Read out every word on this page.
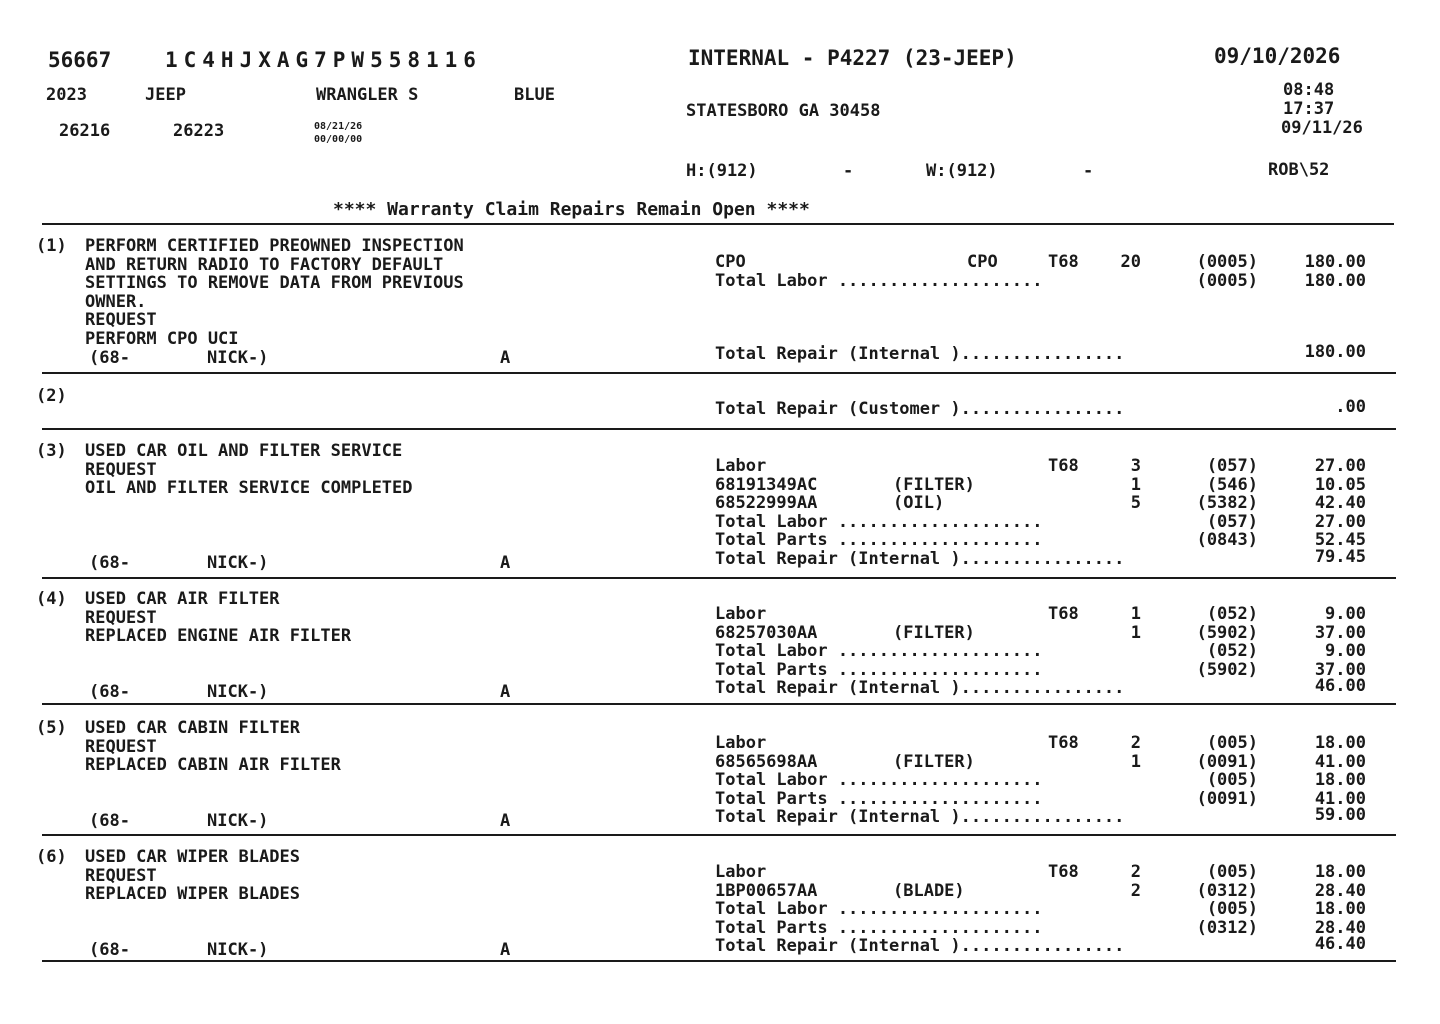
56667	1C4HJXAG7PW558116	INTERNAL - P4227 (23-JEEP)	09/10/2026
2023	JEEP	WRANGLER S	BLUE
STATESBORO GA 30458
08:48
17:37
09/11/26
26216	26223	08/21/26
00/00/00
H:(912)	-	W:(912)	-	ROB\52
**** Warranty Claim Repairs Remain Open ****
(1) PERFORM CERTIFIED PREOWNED INSPECTION
AND RETURN RADIO TO FACTORY DEFAULT
SETTINGS TO REMOVE DATA FROM PREVIOUS
OWNER.
REQUEST
PERFORM CPO UCI
(68-	NICK-)	A
CPO	CPO	T68 20	(0005)	180.00
Total Labor ....................	(0005)	180.00
Total Repair (Internal )................	180.00
(2)
Total Repair (Customer )................	.00
(3) USED CAR OIL AND FILTER SERVICE
REQUEST
OIL AND FILTER SERVICE COMPLETED
(68-	NICK-)	A
Labor	T68	3	(057)	27.00
68191349AC	(FILTER)	1	(546)	10.05
68522999AA	(OIL)	5	(5382)	42.40
Total Labor ....................	(057)	27.00
Total Parts ....................	(0843)	52.45
Total Repair (Internal )................	79.45
(4) USED CAR AIR FILTER
REQUEST
REPLACED ENGINE AIR FILTER
(68-	NICK-)	A
Labor	T68	1	(052)	9.00
68257030AA	(FILTER)	1	(5902)	37.00
Total Labor ....................	(052)	9.00
Total Parts ....................	(5902)	37.00
Total Repair (Internal )................	46.00
(5) USED CAR CABIN FILTER
REQUEST
REPLACED CABIN AIR FILTER
(68-	NICK-)	A
Labor	T68	2	(005)	18.00
68565698AA	(FILTER)	1	(0091)	41.00
Total Labor ....................	(005)	18.00
Total Parts ....................	(0091)	41.00
Total Repair (Internal )................	59.00
(6) USED CAR WIPER BLADES
REQUEST
REPLACED WIPER BLADES
(68-	NICK-)	A
Labor	T68	2	(005)	18.00
1BP00657AA	(BLADE)	2	(0312)	28.40
Total Labor ....................	(005)	18.00
Total Parts ....................	(0312)	28.40
Total Repair (Internal )................	46.40
